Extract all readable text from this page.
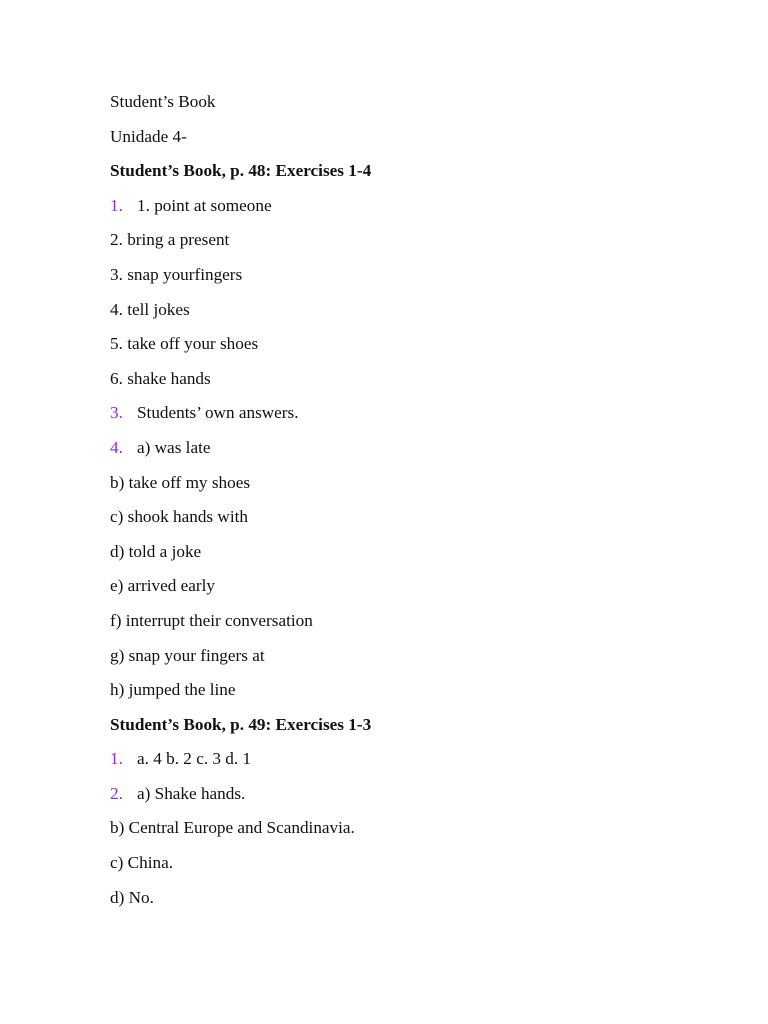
Student’s Book
Unidade 4-
Student’s Book, p. 48: Exercises 1-4
1. 1. point at someone
2. bring a present
3. snap yourfingers
4. tell jokes
5. take off your shoes
6. shake hands
3. Students’ own answers.
4. a) was late
b) take off my shoes
c) shook hands with
d) told a joke
e) arrived early
f) interrupt their conversation
g) snap your fingers at
h) jumped the line
Student’s Book, p. 49: Exercises 1-3
1. a. 4 b. 2 c. 3 d. 1
2. a) Shake hands.
b) Central Europe and Scandinavia.
c) China.
d) No.
